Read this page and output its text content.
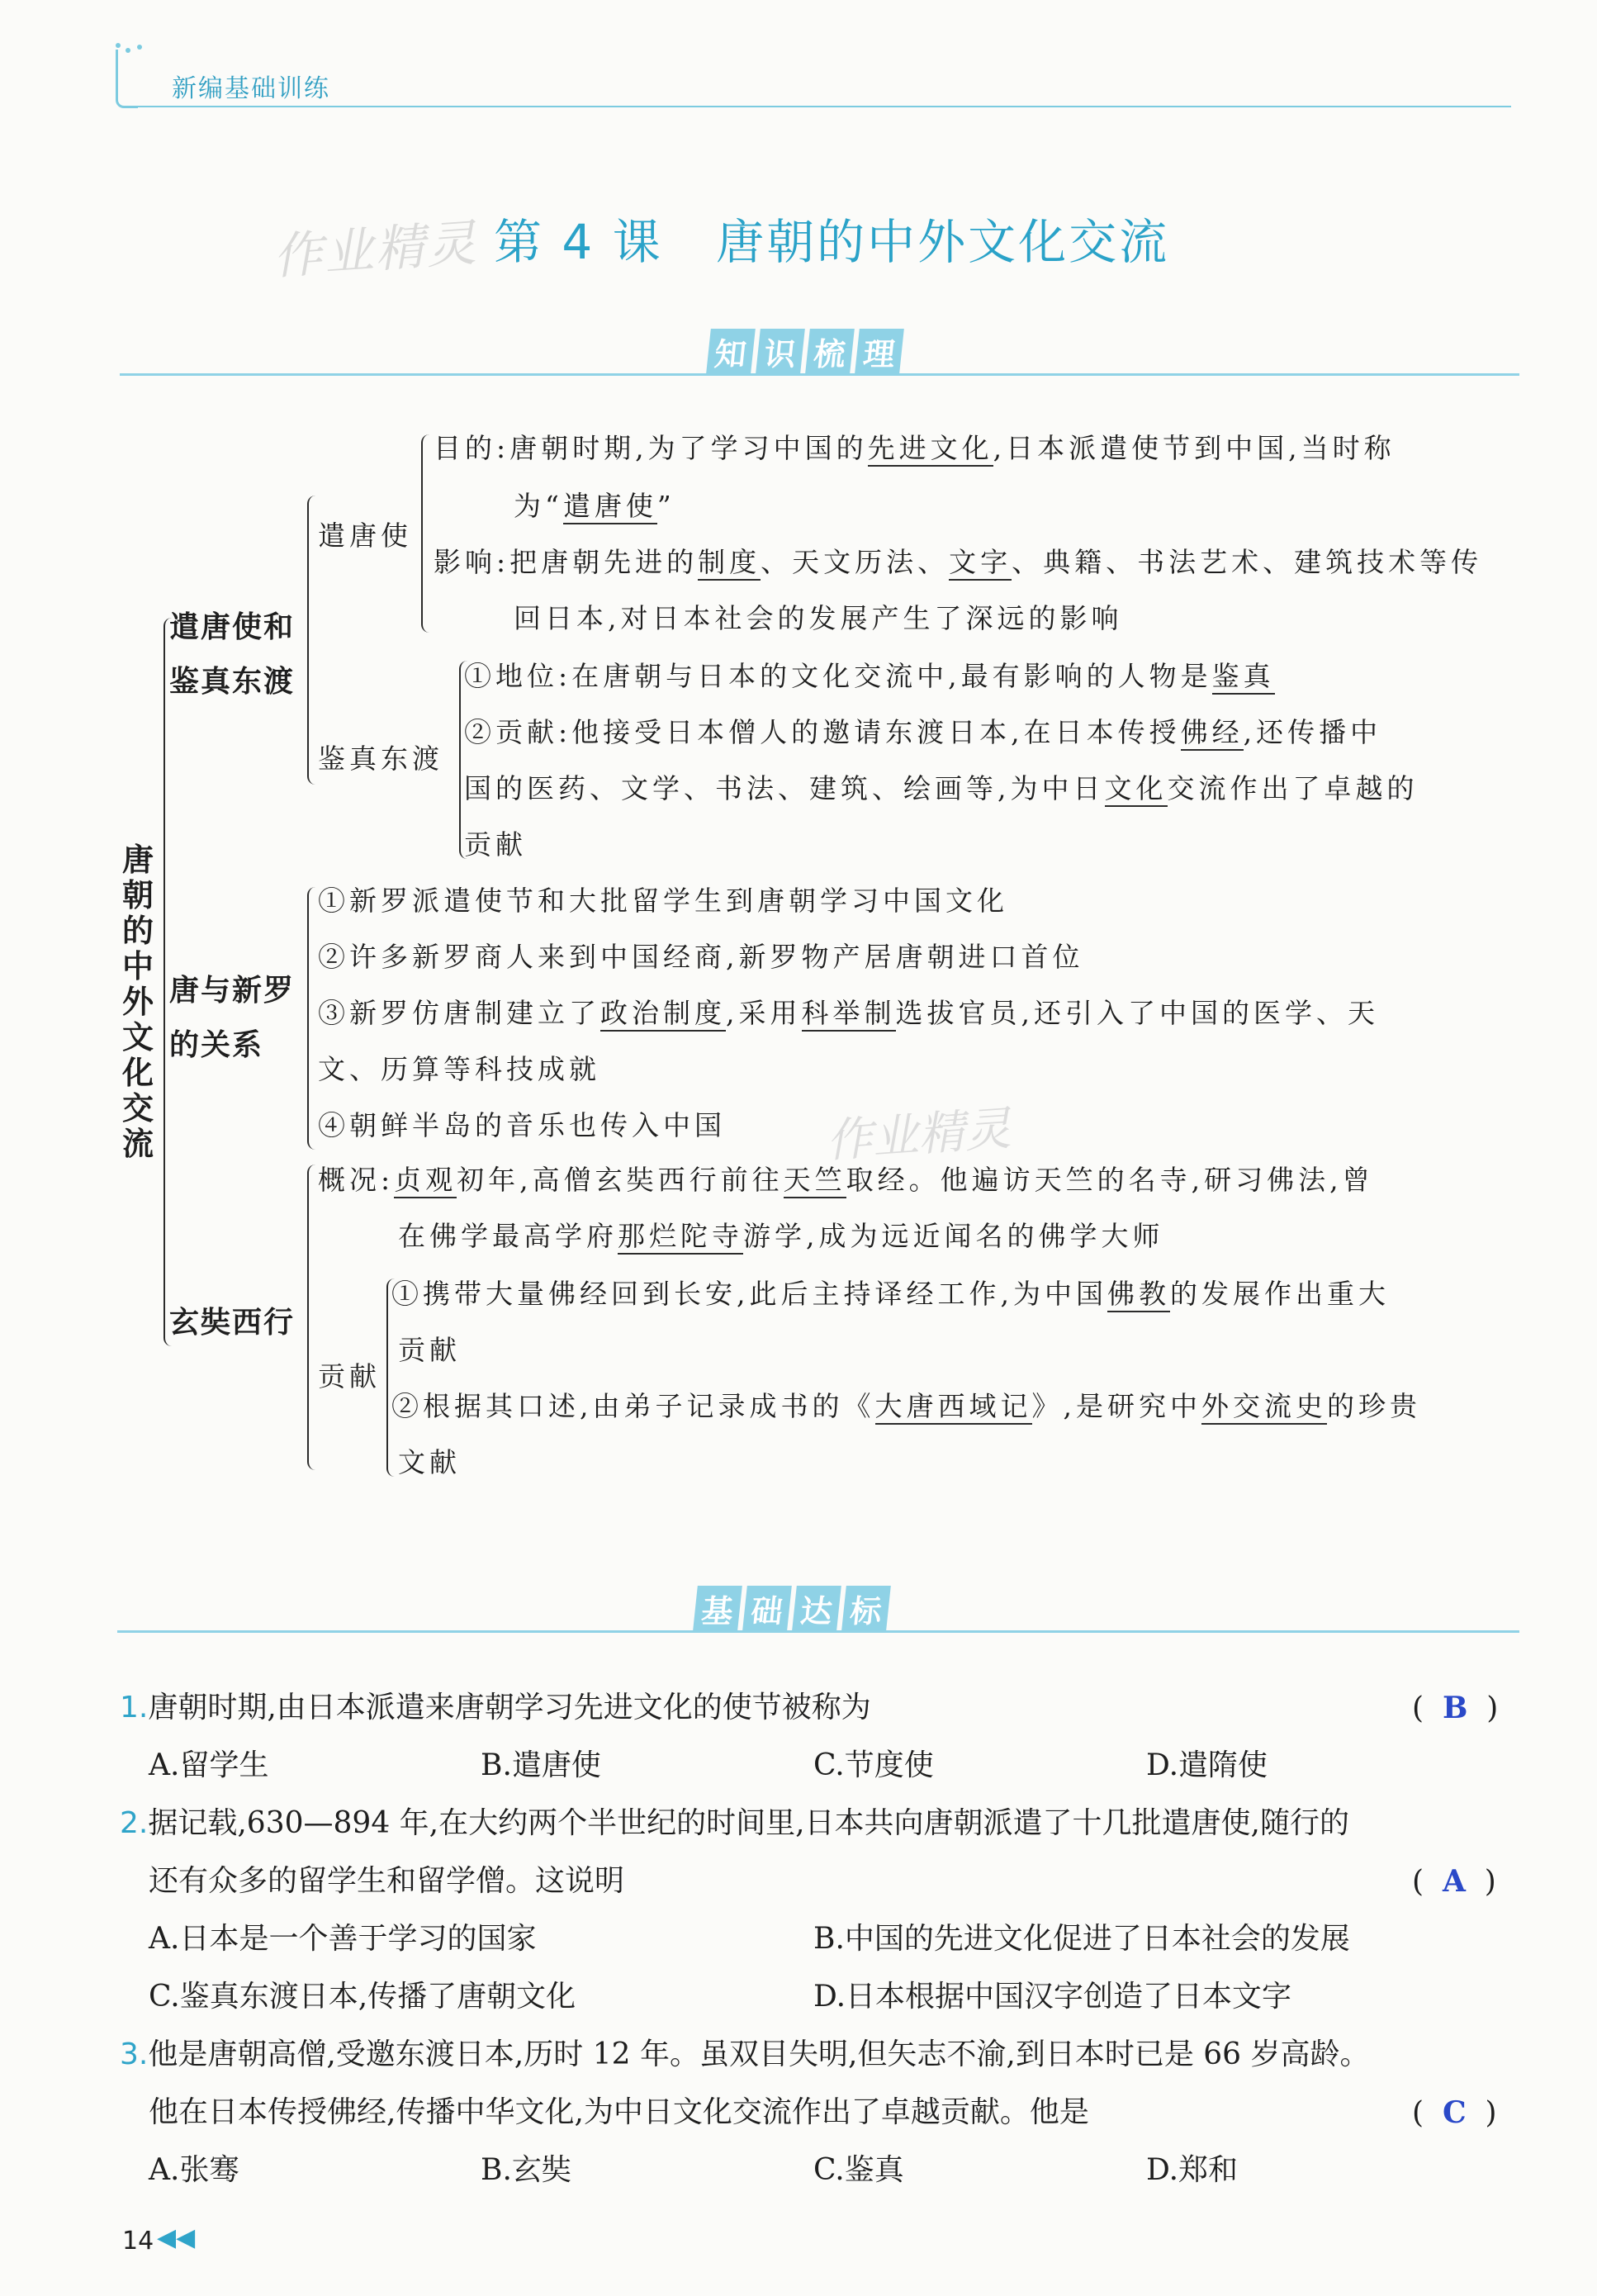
新编基础训练
作业精灵 第 4 课 唐朝的中外文化交流
知 识 梳 理
唐朝的中外文化交流
遣唐使和
鉴真东渡
遣唐使
目的:唐朝时期,为了学习中国的先进文化,日本派遣使节到中国,当时称
为“遣唐使”
影响:把唐朝先进的制度、天文历法、文字、典籍、书法艺术、建筑技术等传
回日本,对日本社会的发展产生了深远的影响
鉴真东渡
①地位:在唐朝与日本的文化交流中,最有影响的人物是鉴真
②贡献:他接受日本僧人的邀请东渡日本,在日本传授佛经,还传播中
国的医药、文学、书法、建筑、绘画等,为中日文化交流作出了卓越的
贡献
唐与新罗
的关系
①新罗派遣使节和大批留学生到唐朝学习中国文化
②许多新罗商人来到中国经商,新罗物产居唐朝进口首位
③新罗仿唐制建立了政治制度,采用科举制选拔官员,还引入了中国的医学、天
文、历算等科技成就
④朝鲜半岛的音乐也传入中国 作业精灵
玄奘西行
概况:贞观初年,高僧玄奘西行前往天竺取经。他遍访天竺的名寺,研习佛法,曾
在佛学最高学府那烂陀寺游学,成为远近闻名的佛学大师
贡献
①携带大量佛经回到长安,此后主持译经工作,为中国佛教的发展作出重大
贡献
②根据其口述,由弟子记录成书的《大唐西域记》,是研究中外交流史的珍贵
文献
基 础 达 标
1.唐朝时期,由日本派遣来唐朝学习先进文化的使节被称为	(  B  )
A.留学生	B.遣唐使	C.节度使	D.遣隋使
2.据记载,630—894 年,在大约两个半世纪的时间里,日本共向唐朝派遣了十几批遣唐使,随行的
还有众多的留学生和留学僧。这说明	(  A  )
A.日本是一个善于学习的国家	B.中国的先进文化促进了日本社会的发展
C.鉴真东渡日本,传播了唐朝文化	D.日本根据中国汉字创造了日本文字
3.他是唐朝高僧,受邀东渡日本,历时 12 年。虽双目失明,但矢志不渝,到日本时已是 66 岁高龄。
他在日本传授佛经,传播中华文化,为中日文化交流作出了卓越贡献。他是	(  C  )
A.张骞	B.玄奘	C.鉴真	D.郑和
14 ◀◀
